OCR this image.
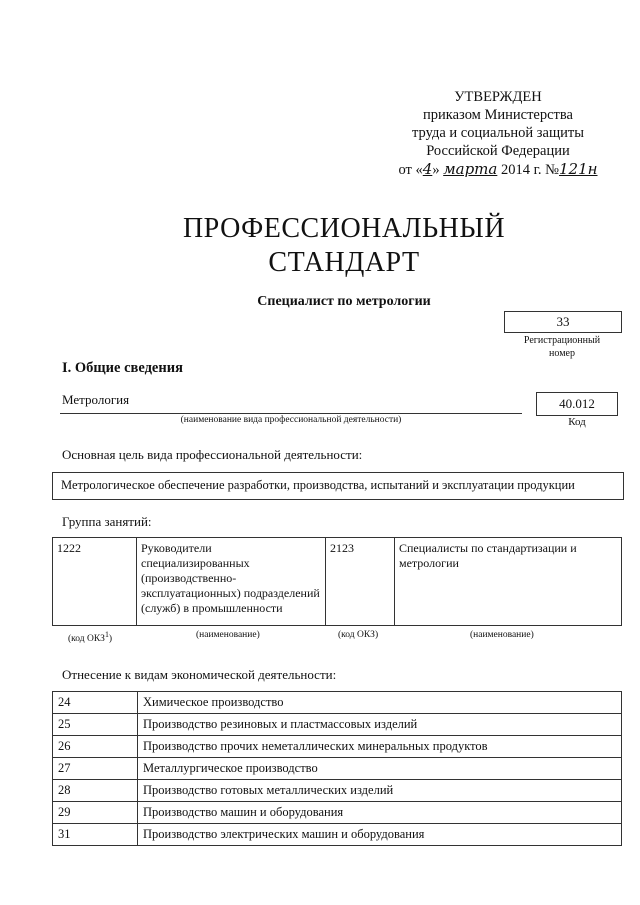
УТВЕРЖДЕН
приказом Министерства
труда и социальной защиты
Российской Федерации
от «4» марта 2014 г. №121н
ПРОФЕССИОНАЛЬНЫЙ
СТАНДАРТ
Специалист по метрологии
33
Регистрационный
номер
I. Общие сведения
Метрология
(наименование вида профессиональной деятельности)
40.012
Код
Основная цель вида профессиональной деятельности:
Метрологическое обеспечение разработки, производства, испытаний и эксплуатации продукции
Группа занятий:
1222	Руководители специализированных (производственно-эксплуатационных) подразделений (служб) в промышленности	2123	Специалисты по стандартизации и метрологии
(код ОКЗ$^1$)	(наименование)	(код ОКЗ)	(наименование)
Отнесение к видам экономической деятельности:
24	Химическое производство
25	Производство резиновых и пластмассовых изделий
26	Производство прочих неметаллических минеральных продуктов
27	Металлургическое производство
28	Производство готовых металлических изделий
29	Производство машин и оборудования
31	Производство электрических машин и оборудования
